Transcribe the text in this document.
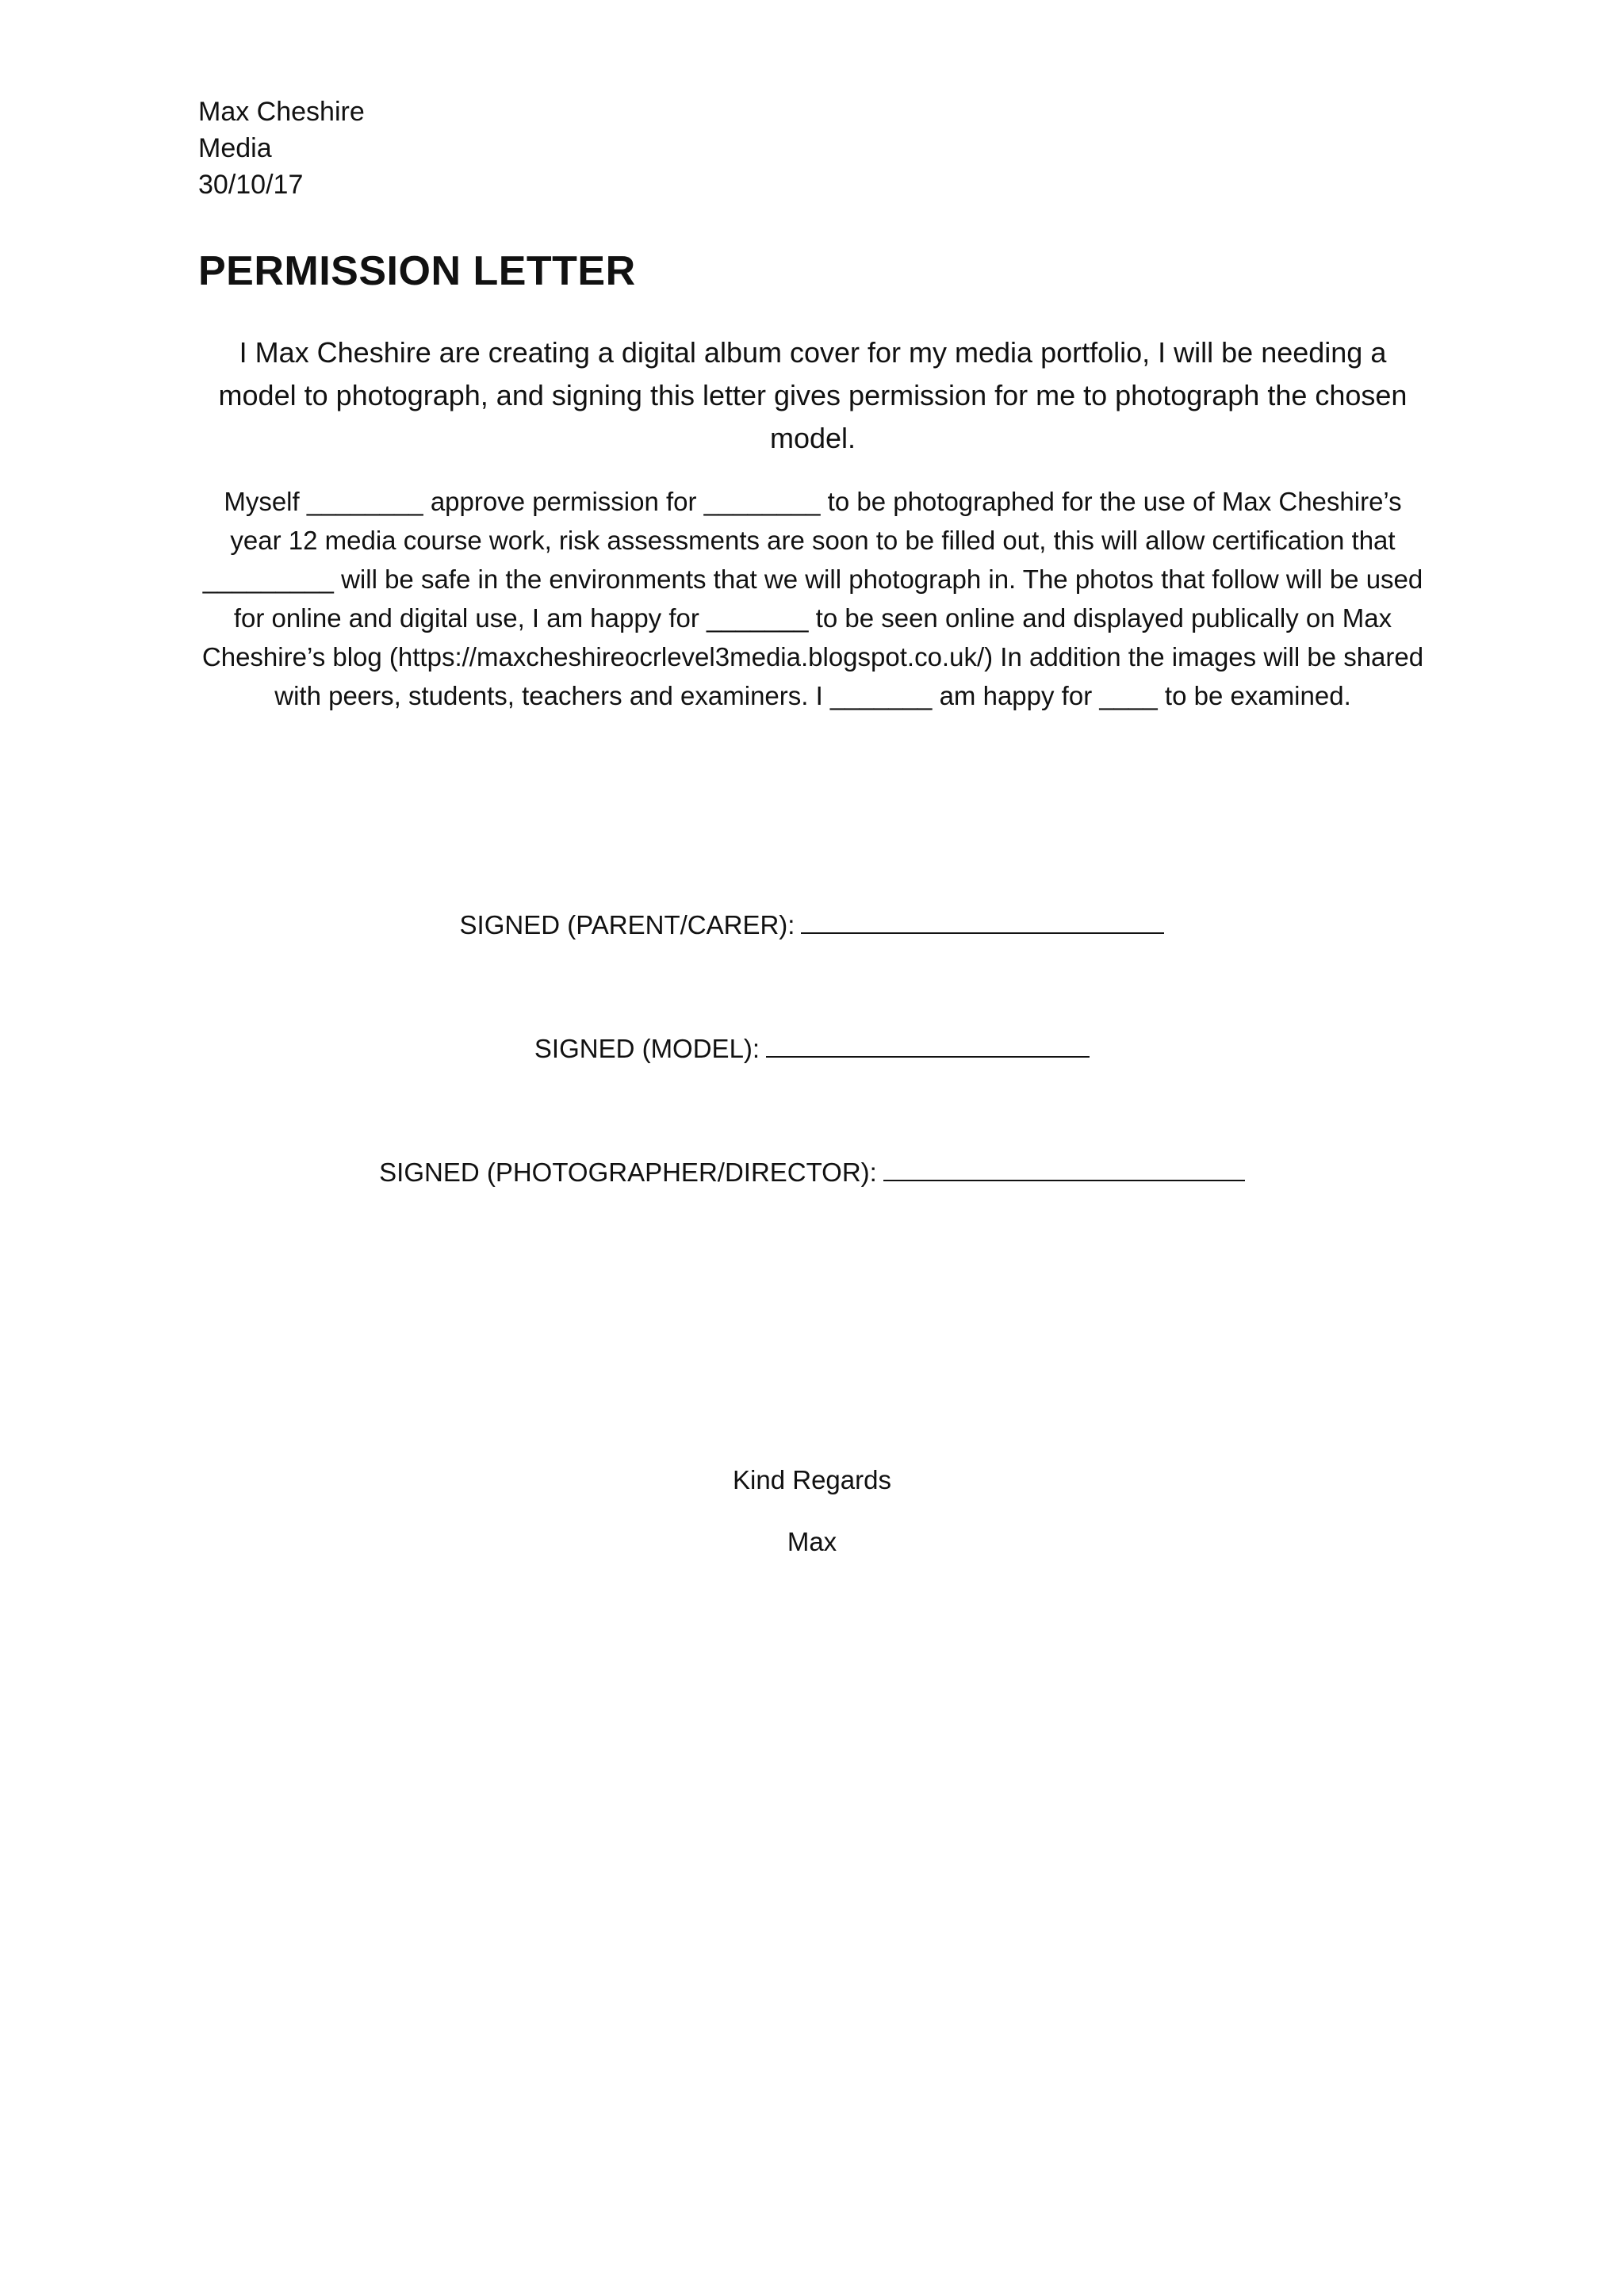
Max Cheshire
Media
30/10/17
PERMISSION LETTER

I Max Cheshire are creating a digital album cover for my media portfolio, I will be needing a model to photograph, and signing this letter gives permission for me to photograph the chosen model.

Myself ________ approve permission for ________ to be photographed for the use of Max Cheshire’s year 12 media course work, risk assessments are soon to be filled out, this will allow certification that _________ will be safe in the environments that we will photograph in. The photos that follow will be used for online and digital use, I am happy for _______ to be seen online and displayed publically on Max Cheshire’s blog (https://maxcheshireocrlevel3media.blogspot.co.uk/) In addition the images will be shared with peers, students, teachers and examiners. I _______ am happy for ____ to be examined.

SIGNED (PARENT/CARER):
SIGNED (MODEL):
SIGNED (PHOTOGRAPHER/DIRECTOR):
Kind Regards
Max
